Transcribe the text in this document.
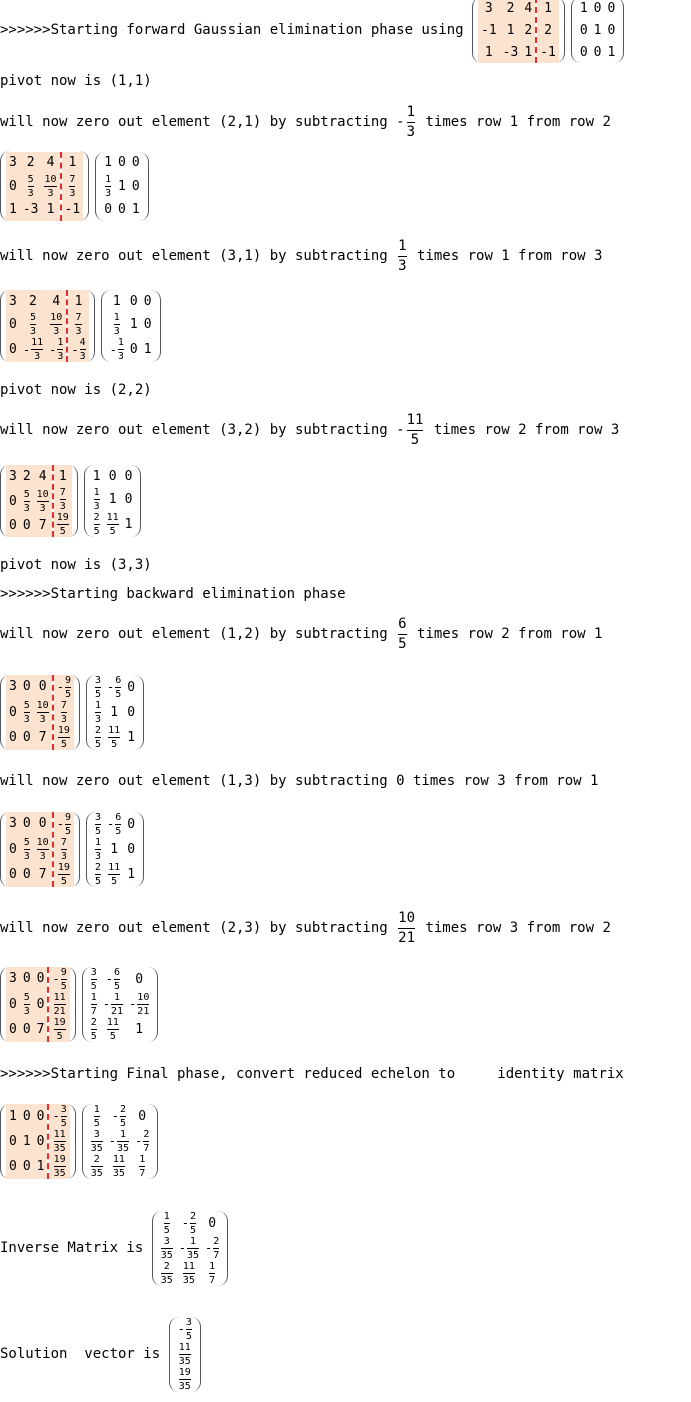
>>>>>>Starting forward Gaussian elimination phase using
3 2 4
-1 1 2
1 -3 1
1
2
-1
1 0 0
0 1 0
0 0 1
pivot now is (1,1)
will now zero out element (2,1) by subtracting -
1
3
times row 1 from row 2
3 2 4
0 5
3
10
3
1 -3 1
1
7
3
-1
1 0 0
1
3 1 0
0 0 1
will now zero out element (3,1) by subtracting
1
3
times row 1 from row 3
3 2 4
0 5
3
10
3
0 - 11
3 - 1
3
1
7
3
- 4
3
1 0 0
1
3 1 0
- 1
3 0 1
pivot now is (2,2)
will now zero out element (3,2) by subtracting -
11
5
times row 2 from row 3
3 2 4
0 5
3
10
3
0 0 7
1
7
3
19
5
1 0 0
1
3 1 0
2
5
11
5 1
pivot now is (3,3)
>>>>>>Starting backward elimination phase
will now zero out element (1,2) by subtracting
6
5
times row 2 from row 1
3 0 0
0 5
3
10
3
0 0 7
- 9
5
7
3
19
5
3
5 - 6
5 0
1
3 1 0
2
5
11
5 1
will now zero out element (1,3) by subtracting 0 times row 3 from row 1
3 0 0
0 5
3
10
3
0 0 7
- 9
5
7
3
19
5
3
5 - 6
5 0
1
3 1 0
2
5
11
5 1
will now zero out element (2,3) by subtracting
10
21
times row 3 from row 2
3 0 0
0 5
3 0
0 0 7
- 9
5
11
21
19
5
3
5 - 6
5 0
1
7 - 1
21 - 10
21
2
5
11
5 1
>>>>>>Starting Final phase, convert reduced echelon to     identity matrix
1 0 0
0 1 0
0 0 1
- 3
5
11
35
19
35
1
5 - 2
5 0
3
35 - 1
35 - 2
7
2
35
11
35
1
7
Inverse Matrix is
1
5 - 2
5 0
3
35 - 1
35 - 2
7
2
35
11
35
1
7
Solution  vector is
- 3
5
11
35
19
35
